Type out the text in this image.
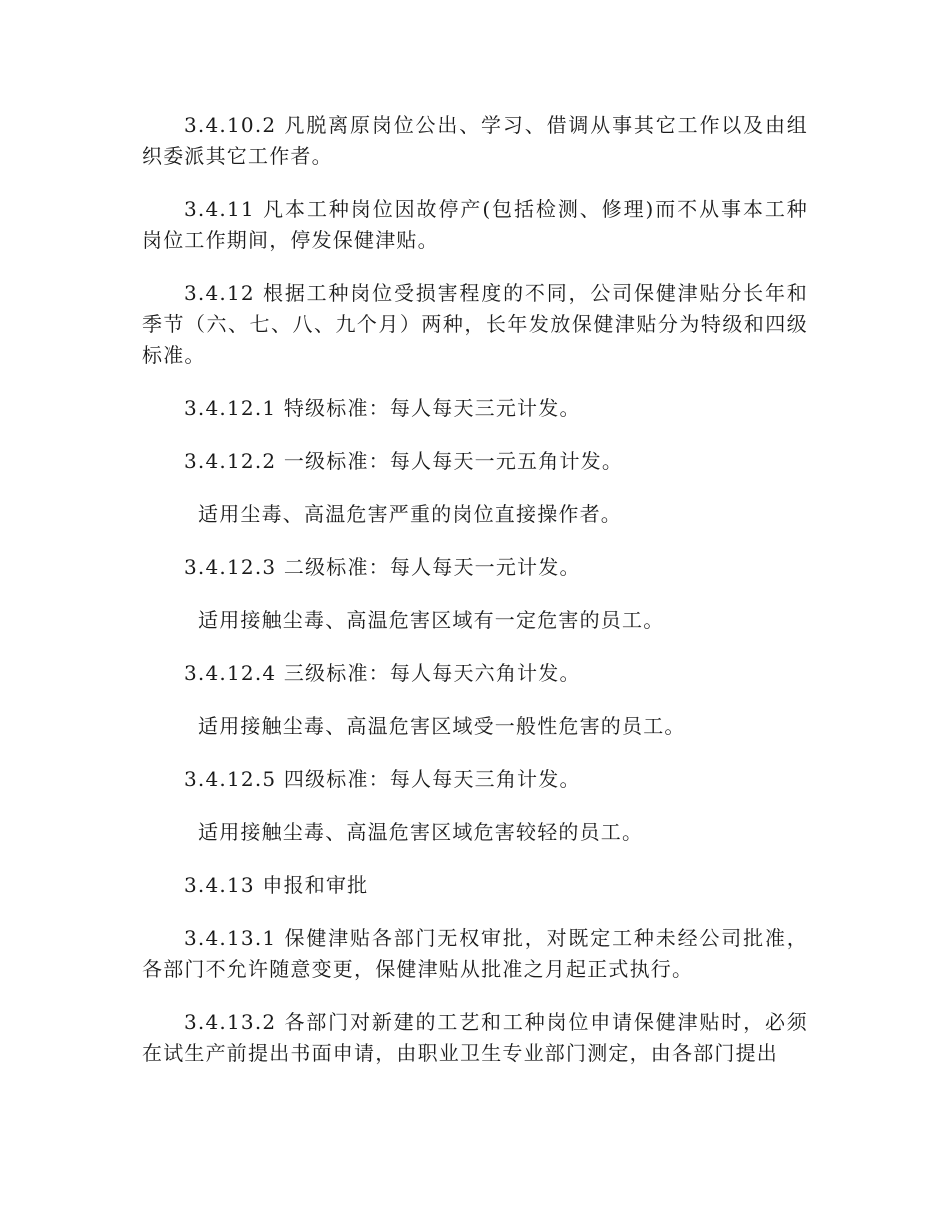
3.4.10.2 凡脱离原岗位公出、学习、借调从事其它工作以及由组织委派其它工作者。

3.4.11 凡本工种岗位因故停产(包括检测、修理)而不从事本工种岗位工作期间，停发保健津贴。

3.4.12 根据工种岗位受损害程度的不同，公司保健津贴分长年和季节（六、七、八、九个月）两种，长年发放保健津贴分为特级和四级标准。

3.4.12.1 特级标准：每人每天三元计发。

3.4.12.2 一级标准：每人每天一元五角计发。

适用尘毒、高温危害严重的岗位直接操作者。

3.4.12.3 二级标准：每人每天一元计发。

适用接触尘毒、高温危害区域有一定危害的员工。

3.4.12.4 三级标准：每人每天六角计发。

适用接触尘毒、高温危害区域受一般性危害的员工。

3.4.12.5 四级标准：每人每天三角计发。

适用接触尘毒、高温危害区域危害较轻的员工。

3.4.13 申报和审批

3.4.13.1 保健津贴各部门无权审批，对既定工种未经公司批准，各部门不允许随意变更，保健津贴从批准之月起正式执行。

3.4.13.2 各部门对新建的工艺和工种岗位申请保健津贴时，必须在试生产前提出书面申请，由职业卫生专业部门测定，由各部门提出
